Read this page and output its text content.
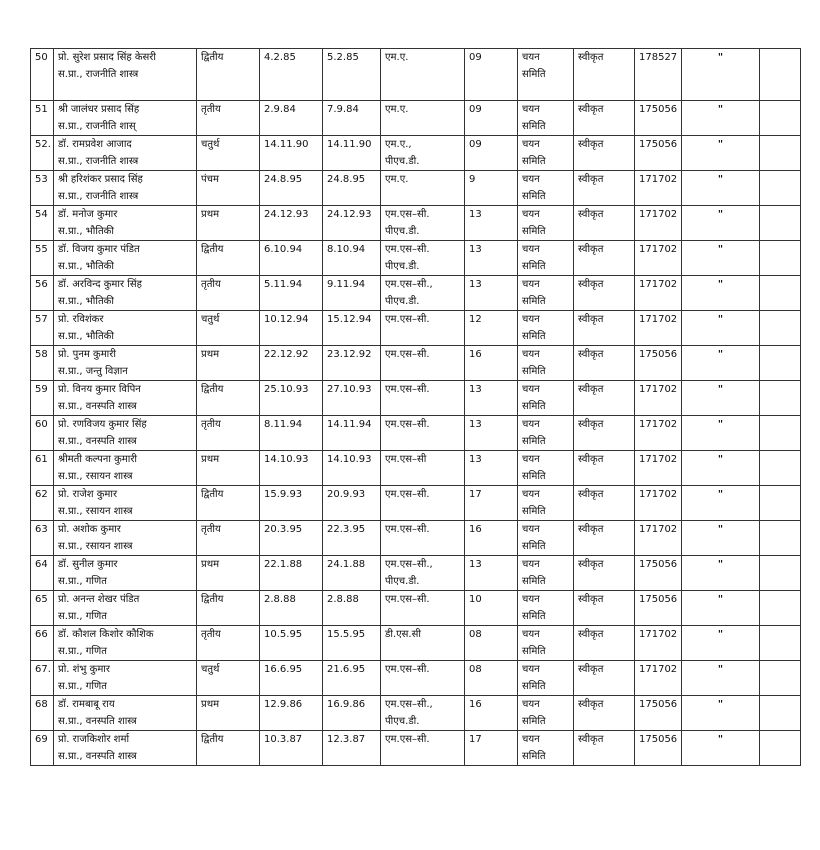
50	प्रो. सुरेश प्रसाद सिंह केसरी
स.प्रा., राजनीति शास्त्र	द्वितीय	4.2.85	5.2.85	एम.ए.	09	चयन
समिति	स्वीकृत	178527	"	

51	श्री जालंधर प्रसाद सिंह
स.प्रा., राजनीति शास्	तृतीय	2.9.84	7.9.84	एम.ए.	09	चयन
समिति	स्वीकृत	175056	"	

52.	डॉ. रामप्रवेश आजाद
स.प्रा., राजनीति शास्त्र	चतुर्थ	14.11.90	14.11.90	एम.ए.,
पीएच.डी.	09	चयन
समिति	स्वीकृत	175056	"	

53	श्री हरिशंकर प्रसाद सिंह
स.प्रा., राजनीति शास्त्र	पंचम	24.8.95	24.8.95	एम.ए.	9	चयन
समिति	स्वीकृत	171702	"	

54	डॉ. मनोज कुमार
स.प्रा., भौतिकी	प्रथम	24.12.93	24.12.93	एम.एस–सी.
पीएच.डी.	13	चयन
समिति	स्वीकृत	171702	"	

55	डॉ. विजय कुमार पंडित
स.प्रा., भौतिकी	द्वितीय	6.10.94	8.10.94	एम.एस–सी.
पीएच.डी.	13	चयन
समिति	स्वीकृत	171702	"	

56	डॉ. अरविन्द कुमार सिंह
स.प्रा., भौतिकी	तृतीय	5.11.94	9.11.94	एम.एस–सी.,
पीएच.डी.	13	चयन
समिति	स्वीकृत	171702	"	

57	प्रो. रविशंकर
स.प्रा., भौतिकी	चतुर्थ	10.12.94	15.12.94	एम.एस–सी.	12	चयन
समिति	स्वीकृत	171702	"	

58	प्रो. पुनम कुमारी
स.प्रा., जन्तु विज्ञान	प्रथम	22.12.92	23.12.92	एम.एस–सी.	16	चयन
समिति	स्वीकृत	175056	"	

59	प्रो. विनय कुमार विपिन
स.प्रा., वनस्पति शास्त्र	द्वितीय	25.10.93	27.10.93	एम.एस–सी.	13	चयन
समिति	स्वीकृत	171702	"	

60	प्रो. रणविजय कुमार सिंह
स.प्रा., वनस्पति शास्त्र	तृतीय	8.11.94	14.11.94	एम.एस–सी.	13	चयन
समिति	स्वीकृत	171702	"	

61	श्रीमती कल्पना कुमारी
स.प्रा., रसायन शास्त्र	प्रथम	14.10.93	14.10.93	एम.एस–सी	13	चयन
समिति	स्वीकृत	171702	"	

62	प्रो. राजेश कुमार
स.प्रा., रसायन शास्त्र	द्वितीय	15.9.93	20.9.93	एम.एस–सी.	17	चयन
समिति	स्वीकृत	171702	"	

63	प्रो. अशोक कुमार
स.प्रा., रसायन शास्त्र	तृतीय	20.3.95	22.3.95	एम.एस–सी.	16	चयन
समिति	स्वीकृत	171702	"	

64	डॉ. सुनील कुमार
स.प्रा., गणित	प्रथम	22.1.88	24.1.88	एम.एस–सी.,
पीएच.डी.	13	चयन
समिति	स्वीकृत	175056	"	

65	प्रो. अनन्त शेखर पंडित
स.प्रा., गणित	द्वितीय	2.8.88	2.8.88	एम.एस–सी.	10	चयन
समिति	स्वीकृत	175056	"	

66	डॉ. कौशल किशोर कौशिक
स.प्रा., गणित	तृतीय	10.5.95	15.5.95	डी.एस.सी	08	चयन
समिति	स्वीकृत	171702	"	

67.	प्रो. शंभु कुमार
स.प्रा., गणित	चतुर्थ	16.6.95	21.6.95	एम.एस–सी.	08	चयन
समिति	स्वीकृत	171702	"	

68	डॉ. रामबाबू राय
स.प्रा., वनस्पति शास्त्र	प्रथम	12.9.86	16.9.86	एम.एस–सी.,
पीएच.डी.	16	चयन
समिति	स्वीकृत	175056	"	

69	प्रो. राजकिशोर शर्मा
स.प्रा., वनस्पति शास्त्र	द्वितीय	10.3.87	12.3.87	एम.एस–सी.	17	चयन
समिति	स्वीकृत	175056	"	
